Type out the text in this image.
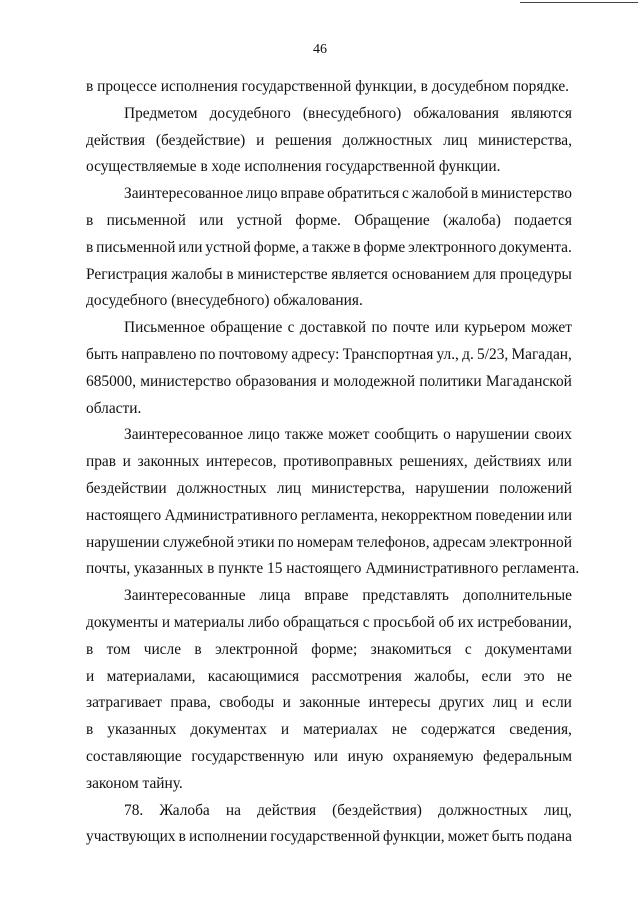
46
в процессе исполнения государственной функции, в досудебном порядке.
Предметом досудебного (внесудебного) обжалования являются
действия (бездействие) и решения должностных лиц министерства,
осуществляемые в ходе исполнения государственной функции.
Заинтересованное лицо вправе обратиться с жалобой в министерство
в письменной или устной форме. Обращение (жалоба) подается
в письменной или устной форме, а также в форме электронного документа.
Регистрация жалобы в министерстве является основанием для процедуры
досудебного (внесудебного) обжалования.
Письменное обращение с доставкой по почте или курьером может
быть направлено по почтовому адресу: Транспортная ул., д. 5/23, Магадан,
685000, министерство образования и молодежной политики Магаданской
области.
Заинтересованное лицо также может сообщить о нарушении своих
прав и законных интересов, противоправных решениях, действиях или
бездействии должностных лиц министерства, нарушении положений
настоящего Административного регламента, некорректном поведении или
нарушении служебной этики по номерам телефонов, адресам электронной
почты, указанных в пункте 15 настоящего Административного регламента.
Заинтересованные лица вправе представлять дополнительные
документы и материалы либо обращаться с просьбой об их истребовании,
в том числе в электронной форме; знакомиться с документами
и материалами, касающимися рассмотрения жалобы, если это не
затрагивает права, свободы и законные интересы других лиц и если
в указанных документах и материалах не содержатся сведения,
составляющие государственную или иную охраняемую федеральным
законом тайну.
78. Жалоба на действия (бездействия) должностных лиц,
участвующих в исполнении государственной функции, может быть подана
